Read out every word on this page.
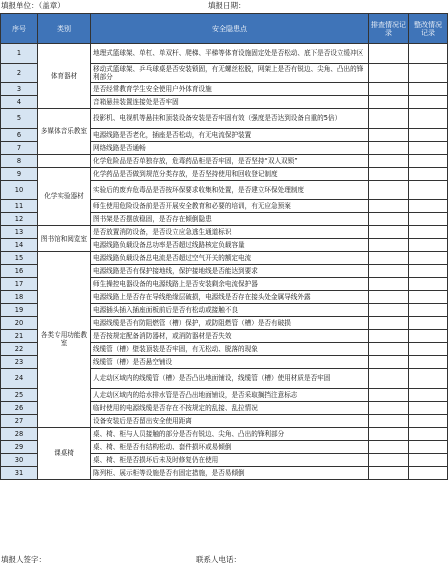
填报单位：（盖章）	填报日期：
序号	类别	安全隐患点	排查情况记录	整改情况记录
1	体育器材	地理式篮球架、单杠、单双杆、爬梯、平梯等体育设施固定处是否松动、底下是否设立缓冲区		
2		移动式篮球架、乒乓球桌是否安装锁固，有无螺丝松脱，网架上是否有锐边、尖角、凸出的锋利部分		
3		是否经常教育学生安全使用户外体育设施		
4		音箱悬挂装置连接处是否牢固		
5	多媒体音乐教室	投影机、电视机等悬挂和顶装设备安装是否牢固有效（强度是否达到设备自重的5倍）		
6		电源线路是否老化，插座是否松动，有无电流保护装置		
7		网络线路是否通畅		
8		化学危险品是否单独存放，危毒药品柜是否牢固，是否坚持“双人双锁”		
9	化学实验器材	化学药品是否做到规范分类存放，是否坚持使用和回收登记制度		
10		实验后的废弃危毒品是否按环保要求收集和处置，是否建立环保处理制度		
11		师生使用危险设备前是否开展安全教育和必要的培训，有无应急预案		
12		图书架是否摆放稳固，是否存在倾倒隐患		
13	图书馆和阅览室	是否放置消防设备，是否设立应急逃生通道标识		
14		电源线路负载设备总功率是否超过线路核定负载容量		
15	各类专用功能教室	电源线路负载设备总电流是否超过空气开关的额定电流		
16		电源线路是否有保护接地线，保护接地线是否能达到要求		
17		师生操控电器设备的电源线路上是否安装剩余电流保护器		
18		电源线路上是否存在导线绝缘层破损，电源线是否存在接头处金属导线外露		
19		电源插头插入插座面板前后是否有松动或接触不良		
20		电源线缆是否有防阻燃管（槽）保护，或防阻燃管（槽）是否有破损		
21		是否按规定配备消防器材，或消防器材是否失效		
22		线缆管（槽）壁装顶装是否牢固，有无松动、脱落的现象		
23		线缆管（槽）是否悬空铺设		
24		人走动区域内的线缆管（槽）是否凸出地面铺设，线缆管（槽）使用材质是否牢固		
25		人走动区域内的给水排水管是否凸出地面铺设，是否采取搁挡注意标志		
26		临时使用的电源线缆是否存在不按规定的乱接、乱拉情况		
27		设备安装后是否留出安全使用距离		
28	课桌椅	桌、椅、柜与人员接触的部分是否有锐边、尖角、凸出的锋利部分		
29		桌、椅、柜是否有结构松动、套件损坏或易倾倒		
30		桌、椅、柜是否损坏后未及时修复仍在使用		
31		陈列柜、展示柜等设施是否有固定措施，是否易倾倒		
填报人签字：	联系人电话：
